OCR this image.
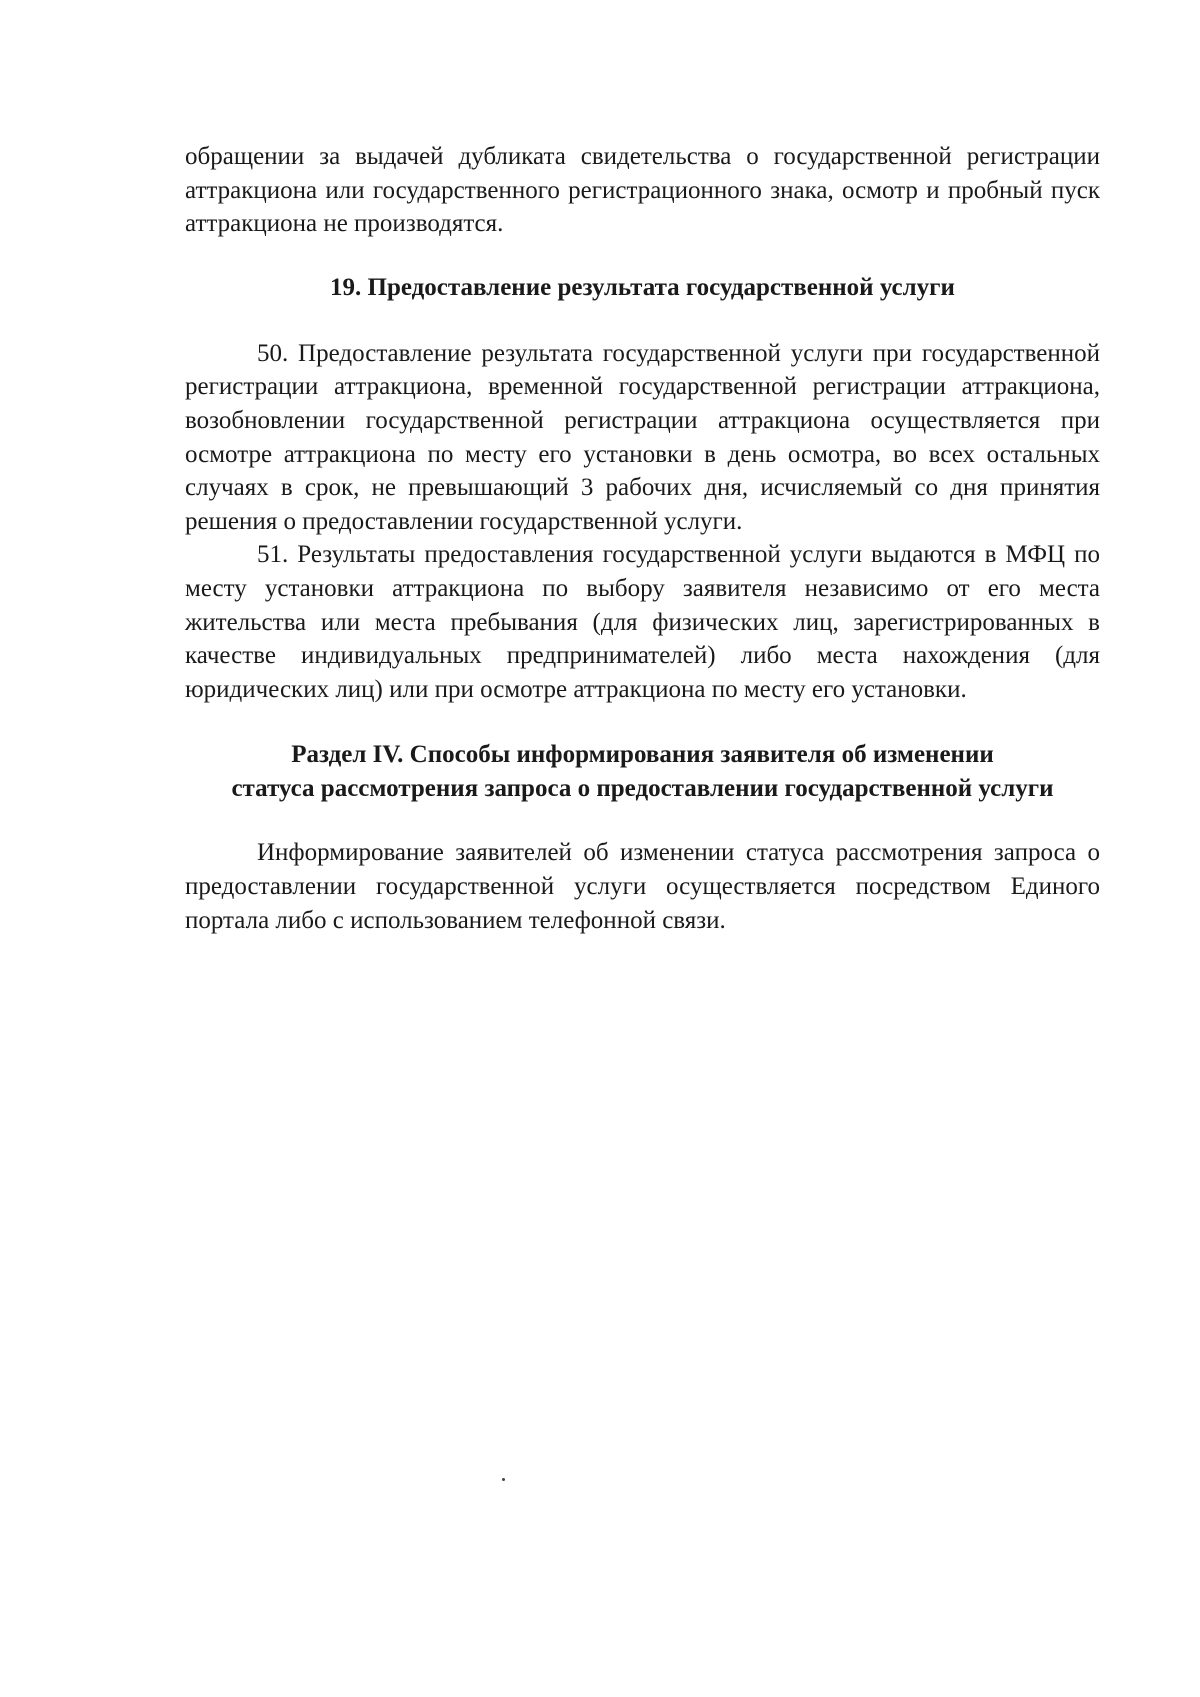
обращении за выдачей дубликата свидетельства о государственной регистрации аттракциона или государственного регистрационного знака, осмотр и пробный пуск аттракциона не производятся.

19. Предоставление результата государственной услуги

50. Предоставление результата государственной услуги при государственной регистрации аттракциона, временной государственной регистрации аттракциона, возобновлении государственной регистрации аттракциона осуществляется при осмотре аттракциона по месту его установки в день осмотра, во всех остальных случаях в срок, не превышающий 3 рабочих дня, исчисляемый со дня принятия решения о предоставлении государственной услуги.

51. Результаты предоставления государственной услуги выдаются в МФЦ по месту установки аттракциона по выбору заявителя независимо от его места жительства или места пребывания (для физических лиц, зарегистрированных в качестве индивидуальных предпринимателей) либо места нахождения (для юридических лиц) или при осмотре аттракциона по месту его установки.

Раздел IV. Способы информирования заявителя об изменении
статуса рассмотрения запроса о предоставлении государственной услуги

Информирование заявителей об изменении статуса рассмотрения запроса о предоставлении государственной услуги осуществляется посредством Единого портала либо с использованием телефонной связи.
